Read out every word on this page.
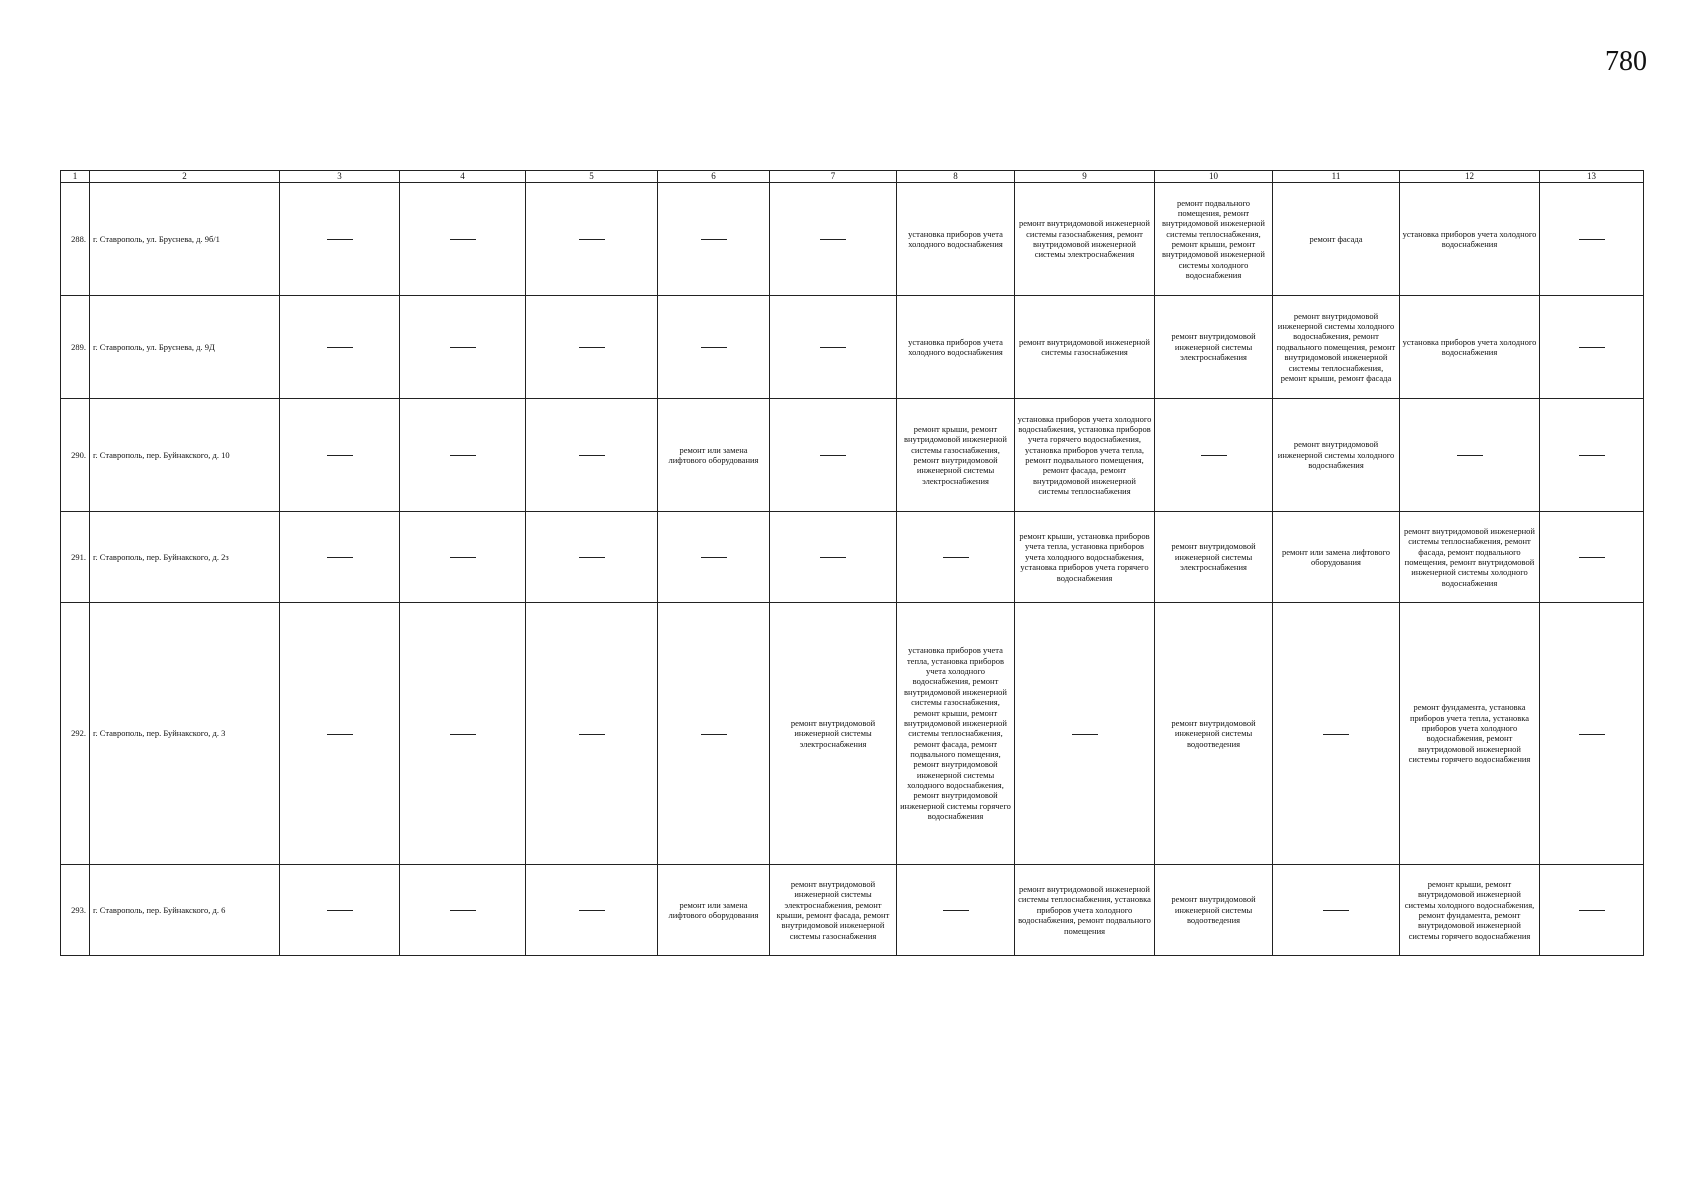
780
1	2	3	4	5	6	7	8	9	10	11	12	13
288.	г. Ставрополь, ул. Бруснева, д. 9б/1						установка приборов учета холодного водоснабжения	ремонт внутридомовой инженерной системы газоснабжения, ремонт внутридомовой инженерной системы электроснабжения	ремонт подвального помещения, ремонт внутридомовой инженерной системы теплоснабжения, ремонт крыши, ремонт внутридомовой инженерной системы холодного водоснабжения	ремонт фасада	установка приборов учета холодного водоснабжения	
289.	г. Ставрополь, ул. Бруснева, д. 9Д						установка приборов учета холодного водоснабжения	ремонт внутридомовой инженерной системы газоснабжения	ремонт внутридомовой инженерной системы электроснабжения	ремонт внутридомовой инженерной системы холодного водоснабжения, ремонт подвального помещения, ремонт внутридомовой инженерной системы теплоснабжения, ремонт крыши, ремонт фасада	установка приборов учета холодного водоснабжения	
290.	г. Ставрополь, пер. Буйнакского, д. 10				ремонт или замена лифтового оборудования		ремонт крыши, ремонт внутридомовой инженерной системы газоснабжения, ремонт внутридомовой инженерной системы электроснабжения	установка приборов учета холодного водоснабжения, установка приборов учета горячего водоснабжения, установка приборов учета тепла, ремонт подвального помещения, ремонт фасада, ремонт внутридомовой инженерной системы теплоснабжения		ремонт внутридомовой инженерной системы холодного водоснабжения		
291.	г. Ставрополь, пер. Буйнакского, д. 2з							ремонт крыши, установка приборов учета тепла, установка приборов учета холодного водоснабжения, установка приборов учета горячего водоснабжения	ремонт внутридомовой инженерной системы электроснабжения	ремонт или замена лифтового оборудования	ремонт внутридомовой инженерной системы теплоснабжения, ремонт фасада, ремонт подвального помещения, ремонт внутридомовой инженерной системы холодного водоснабжения	
292.	г. Ставрополь, пер. Буйнакского, д. 3					ремонт внутридомовой инженерной системы электроснабжения	установка приборов учета тепла, установка приборов учета холодного водоснабжения, ремонт внутридомовой инженерной системы газоснабжения, ремонт крыши, ремонт внутридомовой инженерной системы теплоснабжения, ремонт фасада, ремонт подвального помещения, ремонт внутридомовой инженерной системы холодного водоснабжения, ремонт внутридомовой инженерной системы горячего водоснабжения		ремонт внутридомовой инженерной системы водоотведения		ремонт фундамента, установка приборов учета тепла, установка приборов учета холодного водоснабжения, ремонт внутридомовой инженерной системы горячего водоснабжения	
293.	г. Ставрополь, пер. Буйнакского, д. 6				ремонт или замена лифтового оборудования	ремонт внутридомовой инженерной системы электроснабжения, ремонт крыши, ремонт фасада, ремонт внутридомовой инженерной системы газоснабжения		ремонт внутридомовой инженерной системы теплоснабжения, установка приборов учета холодного водоснабжения, ремонт подвального помещения	ремонт внутридомовой инженерной системы водоотведения		ремонт крыши, ремонт внутридомовой инженерной системы холодного водоснабжения, ремонт фундамента, ремонт внутридомовой инженерной системы горячего водоснабжения	
